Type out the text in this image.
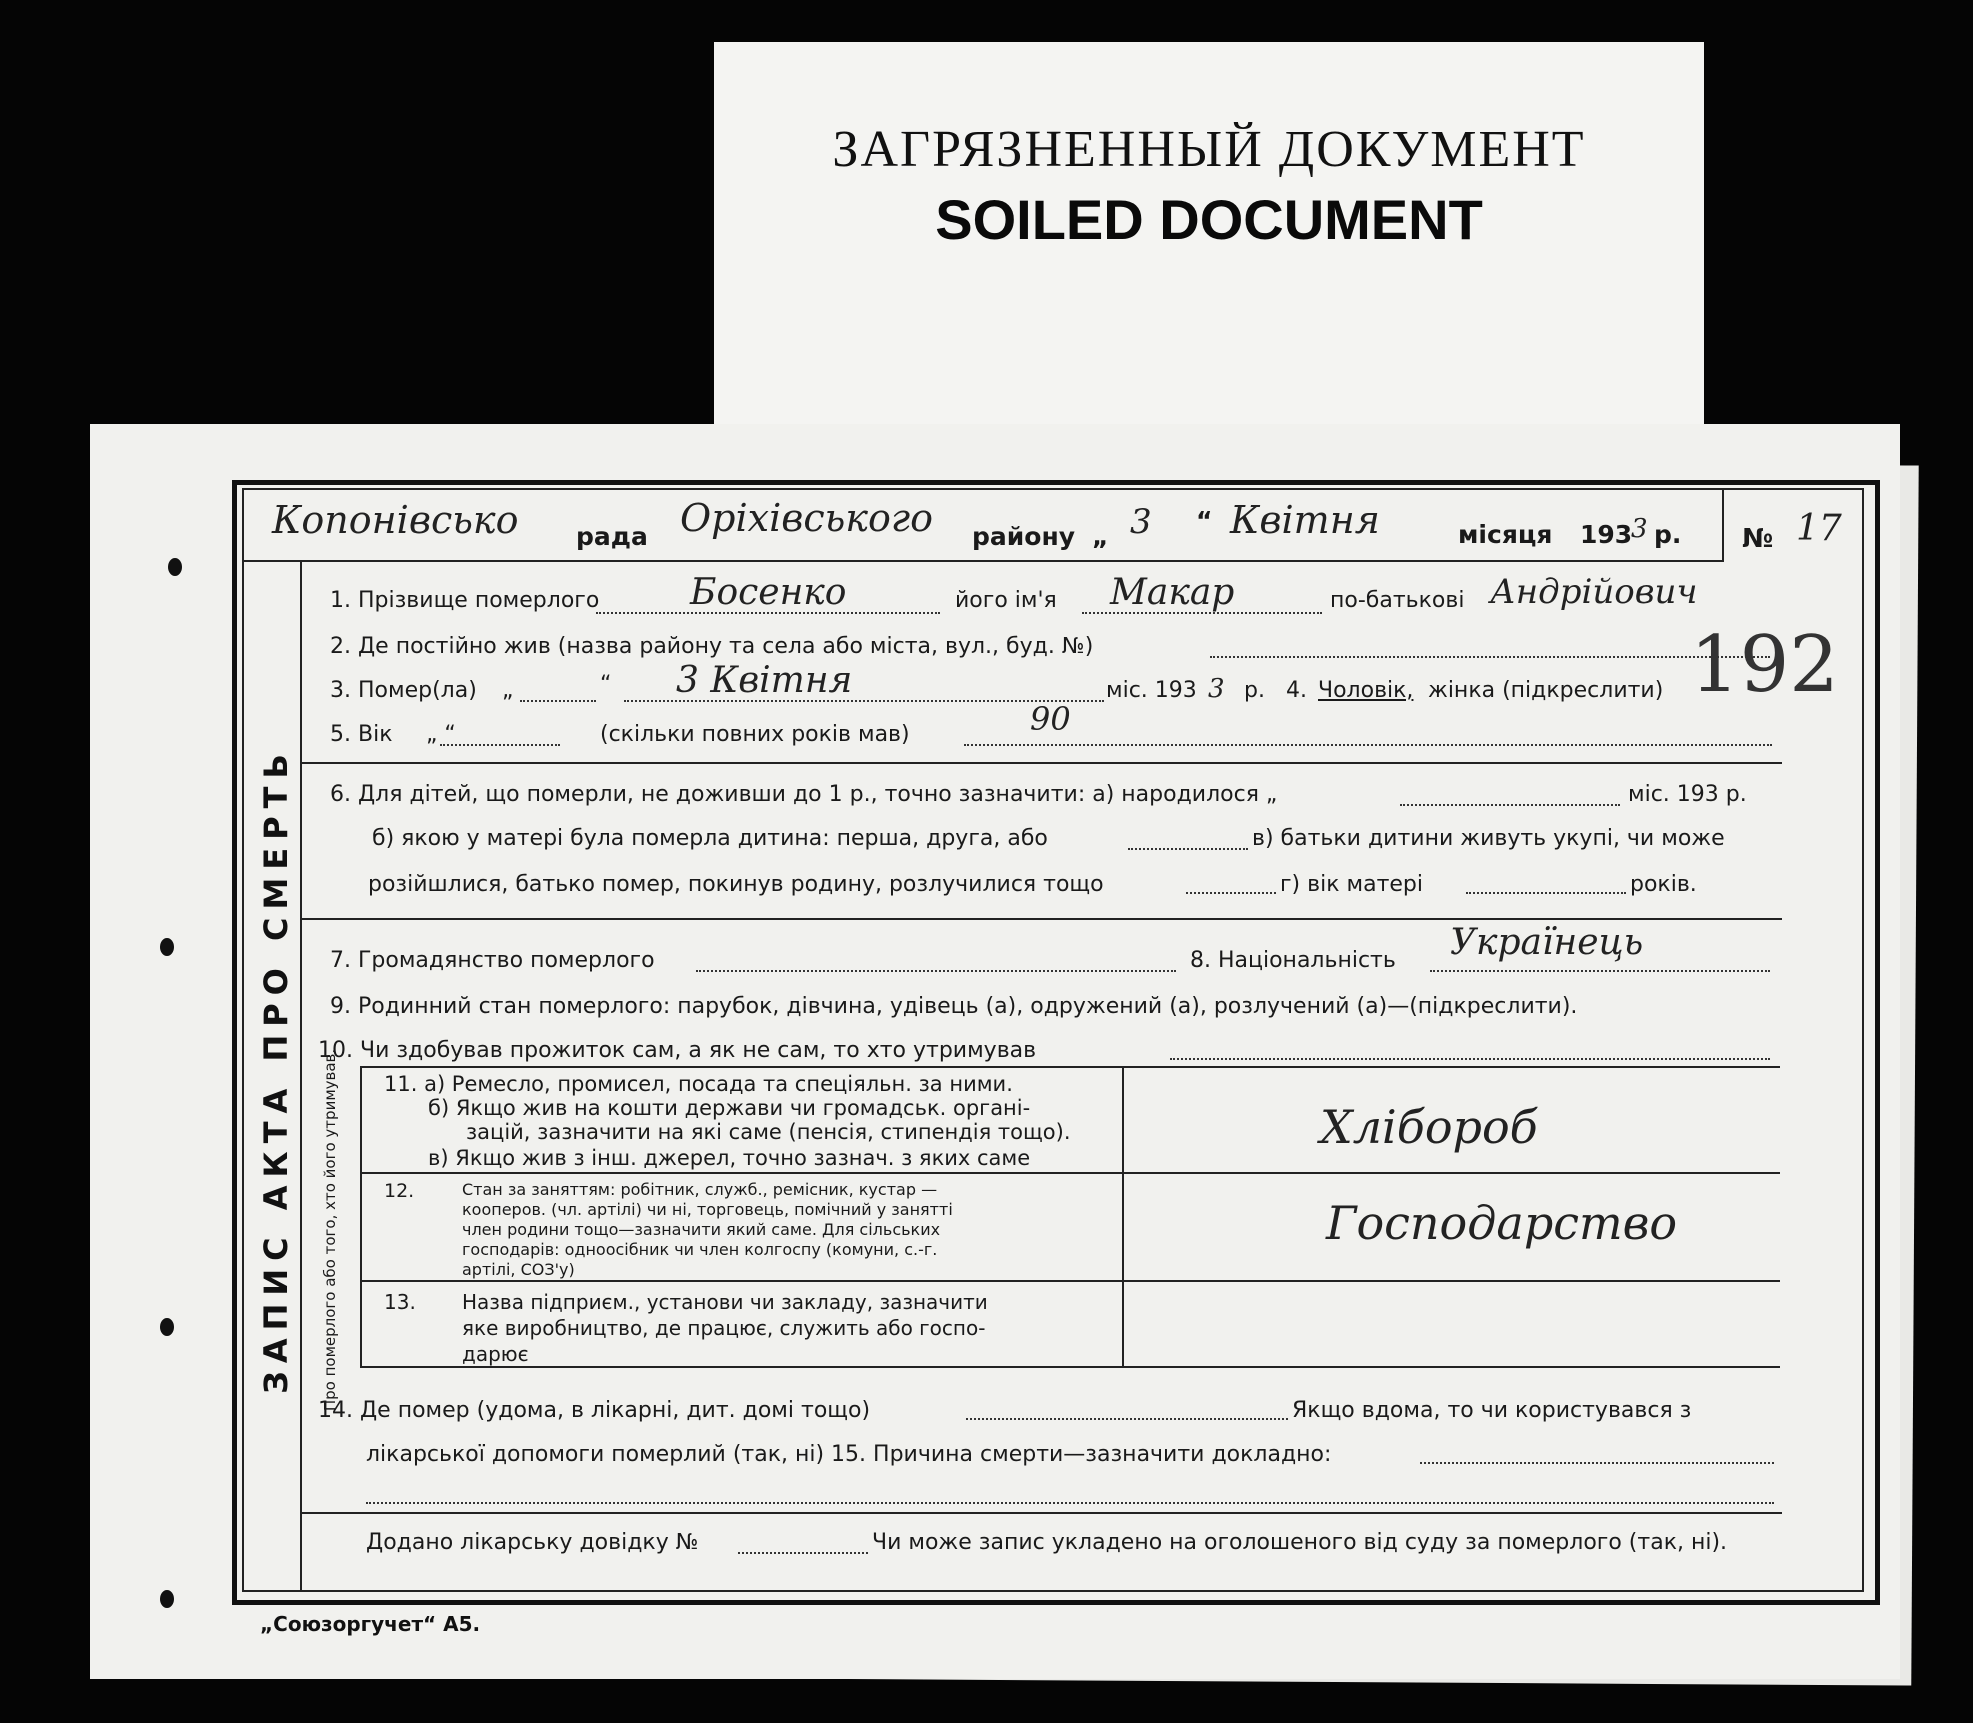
ЗАГРЯЗНЕННЫЙ ДОКУМЕНТ
SOILED DOCUMENT
Копонівсько рада Оріхівського району „ 3 “ Квітня	місяця 193
3 р. № 17
192
ЗАПИС АКТА ПРО СМЕРТЬ Про померлого або того, хто його утримував.
1. Прізвище померлого	Босенко	його ім'я Макар	по-батькові Андрійович
2. Де постійно жив (назва району та села або міста, вул., буд. №)
3. Помер(ла) „	“ 3 Квітня	міс. 193 3 р. 4. Чоловік, жінка (підкреслити)
5. Вік „ “	(скільки повних років мав)	90
6. Для дітей, що померли, не доживши до 1 р., точно зазначити: а) народилося „	міс. 193 р.
б) якою у матері була померла дитина: перша, друга, або	в) батьки дитини живуть укупі, чи може
розійшлися, батько помер, покинув родину, розлучилися тощо	г) вік матері	років.
7. Громадянство померлого	8. Національність Українець
9. Родинний стан померлого: парубок, дівчина, удівець (а), одружений (а), розлучений (а)—(підкреслити).
10. Чи здобував прожиток сам, а як не сам, то хто утримував
11. а) Ремесло, промисел, посада та спеціяльн. за ними.
б) Якщо жив на кошти держави чи громадськ. органі-
зацій, зазначити на які саме (пенсія, стипендія тощо).
в) Якщо жив з інш. джерел, точно зазнач. з яких саме
Хлібороб
12.	Стан за заняттям: робітник, служб., ремісник, кустар —
кооперов. (чл. артілі) чи ні, торговець, помічний у занятті
член родини тощо—зазначити який саме. Для сільських
господарів: одноосібник чи член колгоспу (комуни, с.-г.
артілі, СОЗ'у)
Господарство
13. Назва підприєм., установи чи закладу, зазначити
яке виробництво, де працює, служить або госпо-
дарює
14. Де помер (удома, в лікарні, дит. домі тощо)	Якщо вдома, то чи користувався з
лікарської допомоги померлий (так, ні) 15. Причина смерти—зазначити докладно:
Додано лікарську довідку №	Чи може запис укладено на оголошеного від суду за померлого (так, ні).
„Союзоргучет“ А5.
